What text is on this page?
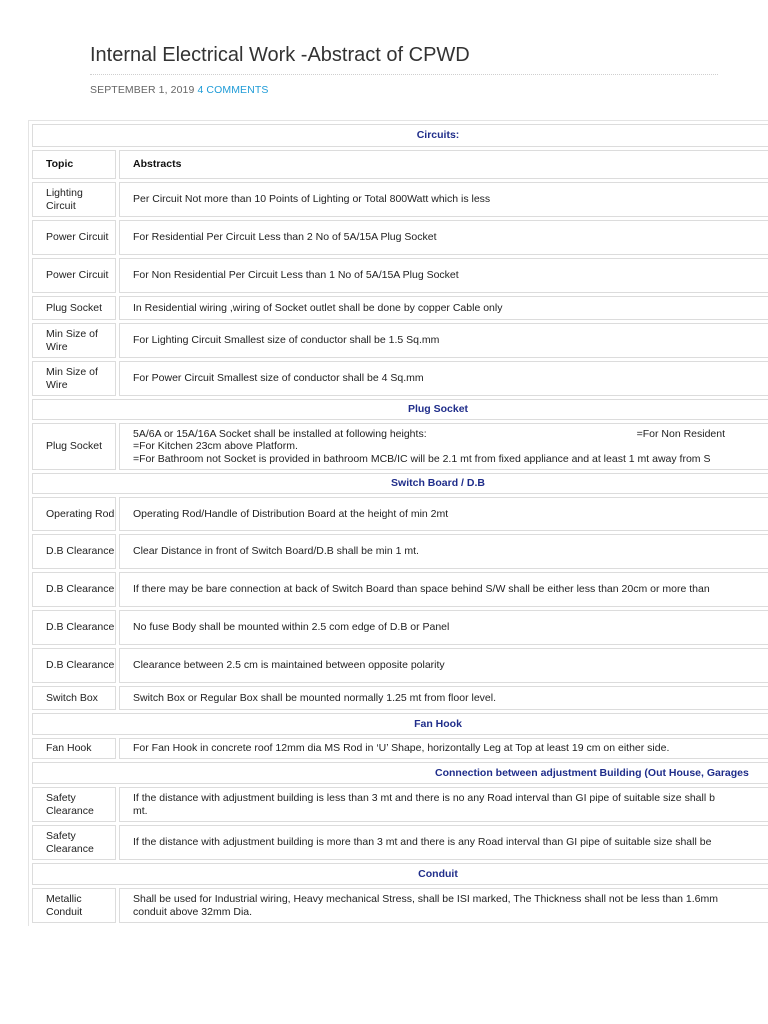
Internal Electrical Work -Abstract of CPWD
SEPTEMBER 1, 2019 4 COMMENTS
Circuits:	
Topic	Abstracts
Lighting Circuit	Per Circuit Not more than 10 Points of Lighting or Total 800Watt which is less
Power Circuit	For Residential Per Circuit Less than 2 No of 5A/15A Plug Socket
Power Circuit	For Non Residential Per Circuit Less than 1 No of 5A/15A Plug Socket
Plug Socket	In Residential wiring ,wiring of Socket outlet shall be done by copper Cable only
Min Size of Wire	For Lighting Circuit Smallest size of conductor shall be 1.5 Sq.mm
Min Size of Wire	For Power Circuit Smallest size of conductor shall be 4 Sq.mm
Plug Socket	
Plug Socket	5A/6A or 15A/16A Socket shall be installed at following heights: =For Non Resident
=For Kitchen 23cm above Platform.
=For Bathroom not Socket is provided in bathroom MCB/IC will be 2.1 mt from fixed appliance and at least 1 mt away from S

Switch Board / D.B	
Operating Rod	Operating Rod/Handle of Distribution Board at the height of min 2mt
D.B Clearance	Clear Distance in front of Switch Board/D.B shall be min 1 mt.
D.B Clearance	If there may be bare connection at back of Switch Board than space behind S/W shall be either less than 20cm or more than
D.B Clearance	No fuse Body shall be mounted within 2.5 com edge of D.B or Panel
D.B Clearance	Clearance between 2.5 cm is maintained between opposite polarity
Switch Box	Switch Box or Regular Box shall be mounted normally 1.25 mt from floor level.
Fan Hook	
Fan Hook	For Fan Hook in concrete roof 12mm dia MS Rod in ‘U’ Shape, horizontally Leg at Top at least 19 cm on either side.
Connection between adjustment Building (Out House, Garages	
Safety Clearance	If the distance with adjustment building is less than 3 mt and there is no any Road interval than GI pipe of suitable size shall b
mt.

Safety Clearance	If the distance with adjustment building is more than 3 mt and there is any Road interval than GI pipe of suitable size shall be
Conduit	
Metallic Conduit	Shall be used for Industrial wiring, Heavy mechanical Stress, shall be ISI marked, The Thickness shall not be less than 1.6mm
conduit above 32mm Dia.
